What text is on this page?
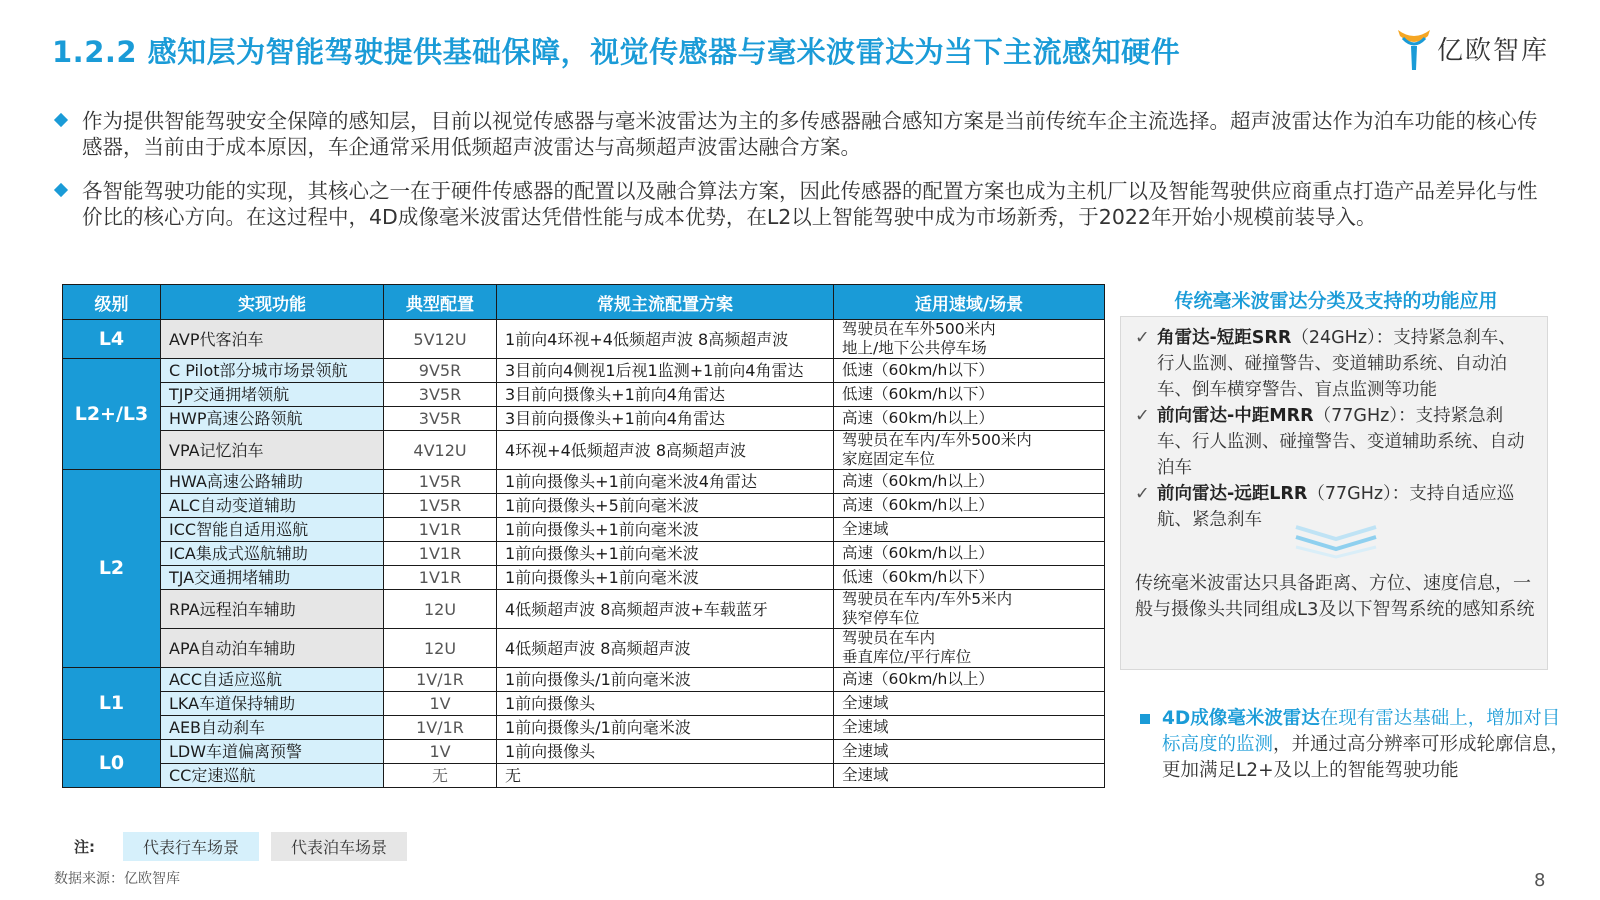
1.2.2 感知层为智能驾驶提供基础保障，视觉传感器与毫米波雷达为当下主流感知硬件	亿欧智库
作为提供智能驾驶安全保障的感知层，目前以视觉传感器与毫米波雷达为主的多传感器融合感知方案是当前传统车企主流选择。超声波雷达作为泊车功能的核心传感器，当前由于成本原因，车企通常采用低频超声波雷达与高频超声波雷达融合方案。
各智能驾驶功能的实现，其核心之一在于硬件传感器的配置以及融合算法方案，因此传感器的配置方案也成为主机厂以及智能驾驶供应商重点打造产品差异化与性价比的核心方向。在这过程中，4D成像毫米波雷达凭借性能与成本优势，在L2以上智能驾驶中成为市场新秀，于2022年开始小规模前装导入。
级别	实现功能	典型配置	常规主流配置方案	适用速域/场景
L4	AVP代客泊车	5V12U	1前向4环视+4低频超声波 8高频超声波	驾驶员在车外500米内
地上/地下公共停车场
L2+/L3	C Pilot部分城市场景领航	9V5R	3目前向4侧视1后视1监测+1前向4角雷达	低速（60km/h以下）
	TJP交通拥堵领航	3V5R	3目前向摄像头+1前向4角雷达	低速（60km/h以下）
	HWP高速公路领航	3V5R	3目前向摄像头+1前向4角雷达	高速（60km/h以上）
	VPA记忆泊车	4V12U	4环视+4低频超声波 8高频超声波	驾驶员在车内/车外500米内
家庭固定车位
L2	HWA高速公路辅助	1V5R	1前向摄像头+1前向毫米波4角雷达	高速（60km/h以上）
	ALC自动变道辅助	1V5R	1前向摄像头+5前向毫米波	高速（60km/h以上）
	ICC智能自适用巡航	1V1R	1前向摄像头+1前向毫米波	全速域
	ICA集成式巡航辅助	1V1R	1前向摄像头+1前向毫米波	高速（60km/h以上）
	TJA交通拥堵辅助	1V1R	1前向摄像头+1前向毫米波	低速（60km/h以下）
	RPA远程泊车辅助	12U	4低频超声波 8高频超声波+车载蓝牙	驾驶员在车内/车外5米内
狭窄停车位
	APA自动泊车辅助	12U	4低频超声波 8高频超声波	驾驶员在车内
垂直库位/平行库位
L1	ACC自适应巡航	1V/1R	1前向摄像头/1前向毫米波	高速（60km/h以上）
	LKA车道保持辅助	1V	1前向摄像头	全速域
	AEB自动刹车	1V/1R	1前向摄像头/1前向毫米波	全速域
L0	LDW车道偏离预警	1V	1前向摄像头	全速域
	CC定速巡航	无	无	全速域
注:	代表行车场景	代表泊车场景
数据来源：亿欧智库	8
传统毫米波雷达分类及支持的功能应用
✓ 角雷达-短距SRR（24GHz）：支持紧急刹车、行人监测、碰撞警告、变道辅助系统、自动泊车、倒车横穿警告、盲点监测等功能
✓ 前向雷达-中距MRR（77GHz）：支持紧急刹车、行人监测、碰撞警告、变道辅助系统、自动泊车
✓ 前向雷达-远距LRR（77GHz）：支持自适应巡航、紧急刹车
传统毫米波雷达只具备距离、方位、速度信息，一般与摄像头共同组成L3及以下智驾系统的感知系统
4D成像毫米波雷达在现有雷达基础上，增加对目标高度的监测，并通过高分辨率可形成轮廓信息，更加满足L2+及以上的智能驾驶功能
